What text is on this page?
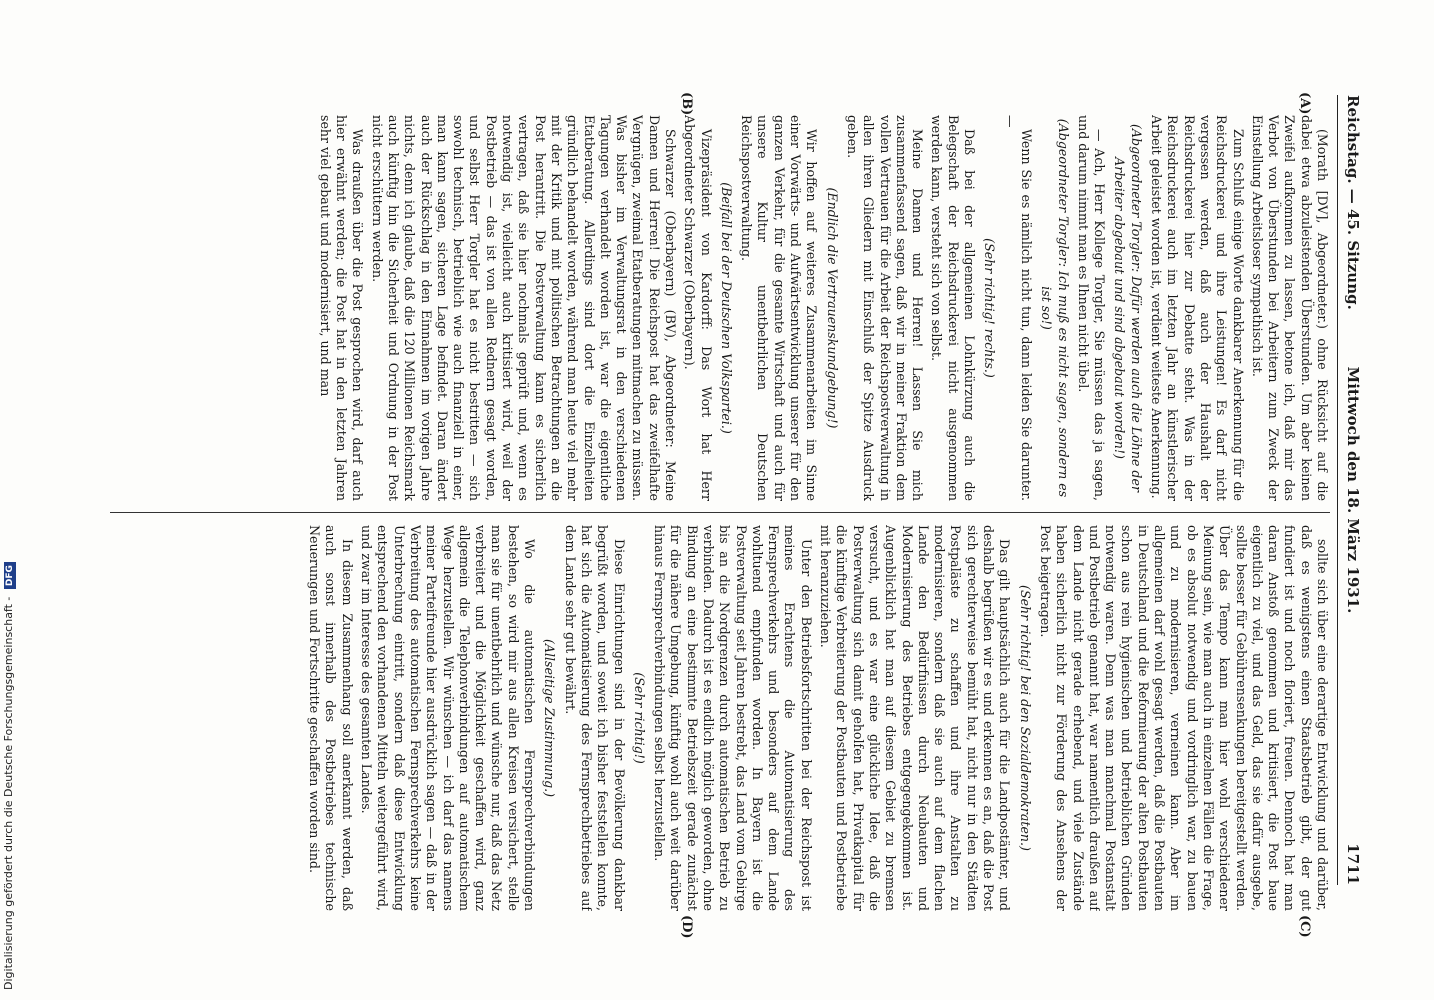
Reichstag. — 45. Sitzung.
Mittwoch den 18. März 1931.
1711
(A)
(B)
(C)
(D)

(Morath [DV], Abgeordneter.) ohne Rücksicht auf die dabei etwa abzuleistenden Überstunden. Um aber keinen Zweifel aufkommen zu lassen, betone ich, daß mir das Verbot von Überstunden bei Arbeitern zum Zweck der Einstellung Arbeitsloser sympathisch ist.

Zum Schluß einige Worte dankbarer Anerkennung für die Reichsdruckerei und ihre Leistungen! Es darf nicht vergessen werden, daß auch der Haushalt der Reichsdruckerei hier zur Debatte steht. Was in der Reichsdruckerei auch im letzten Jahr an künstlerischer Arbeit geleistet worden ist, verdient weiteste Anerkennung.

(Abgeordneter Torgler: Dafür werden auch die Löhne der Arbeiter abgebaut und sind abgebaut worden!)

— Ach, Herr Kollege Torgler, Sie müssen das ja sagen, und darum nimmt man es Ihnen nicht übel.

(Abgeordneter Torgler: Ich muß es nicht sagen, sondern es ist so!)

Wenn Sie es nämlich nicht tun, dann leiden Sie darunter. —

(Sehr richtig! rechts.)

Daß bei der allgemeinen Lohnkürzung auch die Belegschaft der Reichsdruckerei nicht ausgenommen werden kann, versteht sich von selbst.

Meine Damen und Herren! Lassen Sie mich zusammenfassend sagen, daß wir in meiner Fraktion dem vollen Vertrauen für die Arbeit der Reichspostverwaltung in allen ihren Gliedern mit Einschluß der Spitze Ausdruck geben.

(Endlich die Vertrauenskundgebung!)

Wir hoffen auf weiteres Zusammenarbeiten im Sinne einer Vorwärts- und Aufwärtsentwicklung unserer für den ganzen Verkehr, für die gesamte Wirtschaft und auch für unsere Kultur unentbehrlichen Deutschen Reichspostverwaltung.

(Beifall bei der Deutschen Volkspartei.)

Vizepräsident von Kardorff: Das Wort hat Herr Abgeordneter Schwarzer (Oberbayern).

Schwarzer (Oberbayern) (BV), Abgeordneter: Meine Damen und Herren! Die Reichspost hat das zweifelhafte Vergnügen, zweimal Etatberatungen mitmachen zu müssen. Was bisher im Verwaltungsrat in den verschiedenen Tagungen verhandelt worden ist, war die eigentliche Etatberatung. Allerdings sind dort die Einzelheiten gründlich behandelt worden, während man heute viel mehr mit der Kritik und mit politischen Betrachtungen an die Post herantritt. Die Postverwaltung kann es sicherlich vertragen, daß sie hier nochmals geprüft und, wenn es notwendig ist, vielleicht auch kritisiert wird, weil der Postbetrieb — das ist von allen Rednern gesagt worden, und selbst Herr Torgler hat es nicht bestritten — sich sowohl technisch, betrieblich wie auch finanziell in einer, man kann sagen, sicheren Lage befindet. Daran ändert auch der Rückschlag in den Einnahmen im vorigen Jahre nichts, denn ich glaube, daß die 120 Millionen Reichsmark auch künftig hin die Sicherheit und Ordnung in der Post nicht erschüttern werden.

Was draußen über die Post gesprochen wird, darf auch hier erwähnt werden; die Post hat in den letzten Jahren sehr viel gebaut und modernisiert, und man

sollte sich über eine derartige Entwicklung und darüber, daß es wenigstens einen Staatsbetrieb gibt, der gut fundiert ist und noch floriert, freuen. Dennoch hat man daran Anstoß genommen und kritisiert, die Post baue eigentlich zu viel, und das Geld, das sie dafür ausgebe, sollte besser für Gebührensenkungen bereitgestellt werden. Über das Tempo kann man hier wohl verschiedener Meinung sein, wie man auch in einzelnen Fällen die Frage, ob es absolut notwendig und vordringlich war, zu bauen und zu modernisieren, verneinen kann. Aber im allgemeinen darf wohl gesagt werden, daß die Postbauten in Deutschland und die Reformierung der alten Postbauten schon aus rein hygienischen und betrieblichen Gründen notwendig waren. Denn was man manchmal Postanstalt und Postbetrieb genannt hat, war namentlich draußen auf dem Lande nicht gerade erhebend, und viele Zustände haben sicherlich nicht zur Förderung des Ansehens der Post beigetragen.

(Sehr richtig! bei den Sozialdemokraten.)

Das gilt hauptsächlich auch für die Landpostämter, und deshalb begrüßen wir es und erkennen es an, daß die Post sich gerechterweise bemüht hat, nicht nur in den Städten Postpaläste zu schaffen und ihre Anstalten zu modernisieren, sondern daß sie auch auf dem flachen Lande den Bedürfnissen durch Neubauten und Modernisierung des Betriebes entgegengekommen ist. Augenblicklich hat man auf diesem Gebiet zu bremsen versucht, und es war eine glückliche Idee, daß die Postverwaltung sich damit geholfen hat, Privatkapital für die künftige Verbreiterung der Postbauten und Postbetriebe mit heranzuziehen.

Unter den Betriebsfortschritten bei der Reichspost ist meines Erachtens die Automatisierung des Fernsprechverkehrs und besonders auf dem Lande wohltuend empfunden worden. In Bayern ist die Postverwaltung seit Jahren bestrebt, das Land vom Gebirge bis an die Nordgrenzen durch automatischen Betrieb zu verbinden. Dadurch ist es endlich möglich geworden, ohne Bindung an eine bestimmte Betriebszeit gerade zunächst für die nähere Umgebung, künftig wohl auch weit darüber hinaus Fernsprechverbindungen selbst herzustellen.

(Sehr richtig!)

Diese Einrichtungen sind in der Bevölkerung dankbar begrüßt worden, und soweit ich bisher feststellen konnte, hat sich die Automatisierung des Fernsprechbetriebes auf dem Lande sehr gut bewährt.

(Allseitige Zustimmung.)

Wo die automatischen Fernsprechverbindungen bestehen, so wird mir aus allen Kreisen versichert, stelle man sie für unentbehrlich und wünsche nur, daß das Netz verbreitert und die Möglichkeit geschaffen wird, ganz allgemein die Telephonverbindungen auf automatischem Wege herzustellen. Wir wünschen — ich darf das namens meiner Parteifreunde hier ausdrücklich sagen — daß in der Verbreitung des automatischen Fernsprechverkehrs keine Unterbrechung eintritt, sondern daß diese Entwicklung entsprechend den vorhandenen Mitteln weitergeführt wird, und zwar im Interesse des gesamten Landes.

In diesem Zusammenhang soll anerkannt werden, daß auch sonst innerhalb des Postbetriebes technische Neuerungen und Fortschritte geschaffen worden sind.

Digitalisierung gefördert durch die Deutsche Forschungsgemeinschaft - DFG
